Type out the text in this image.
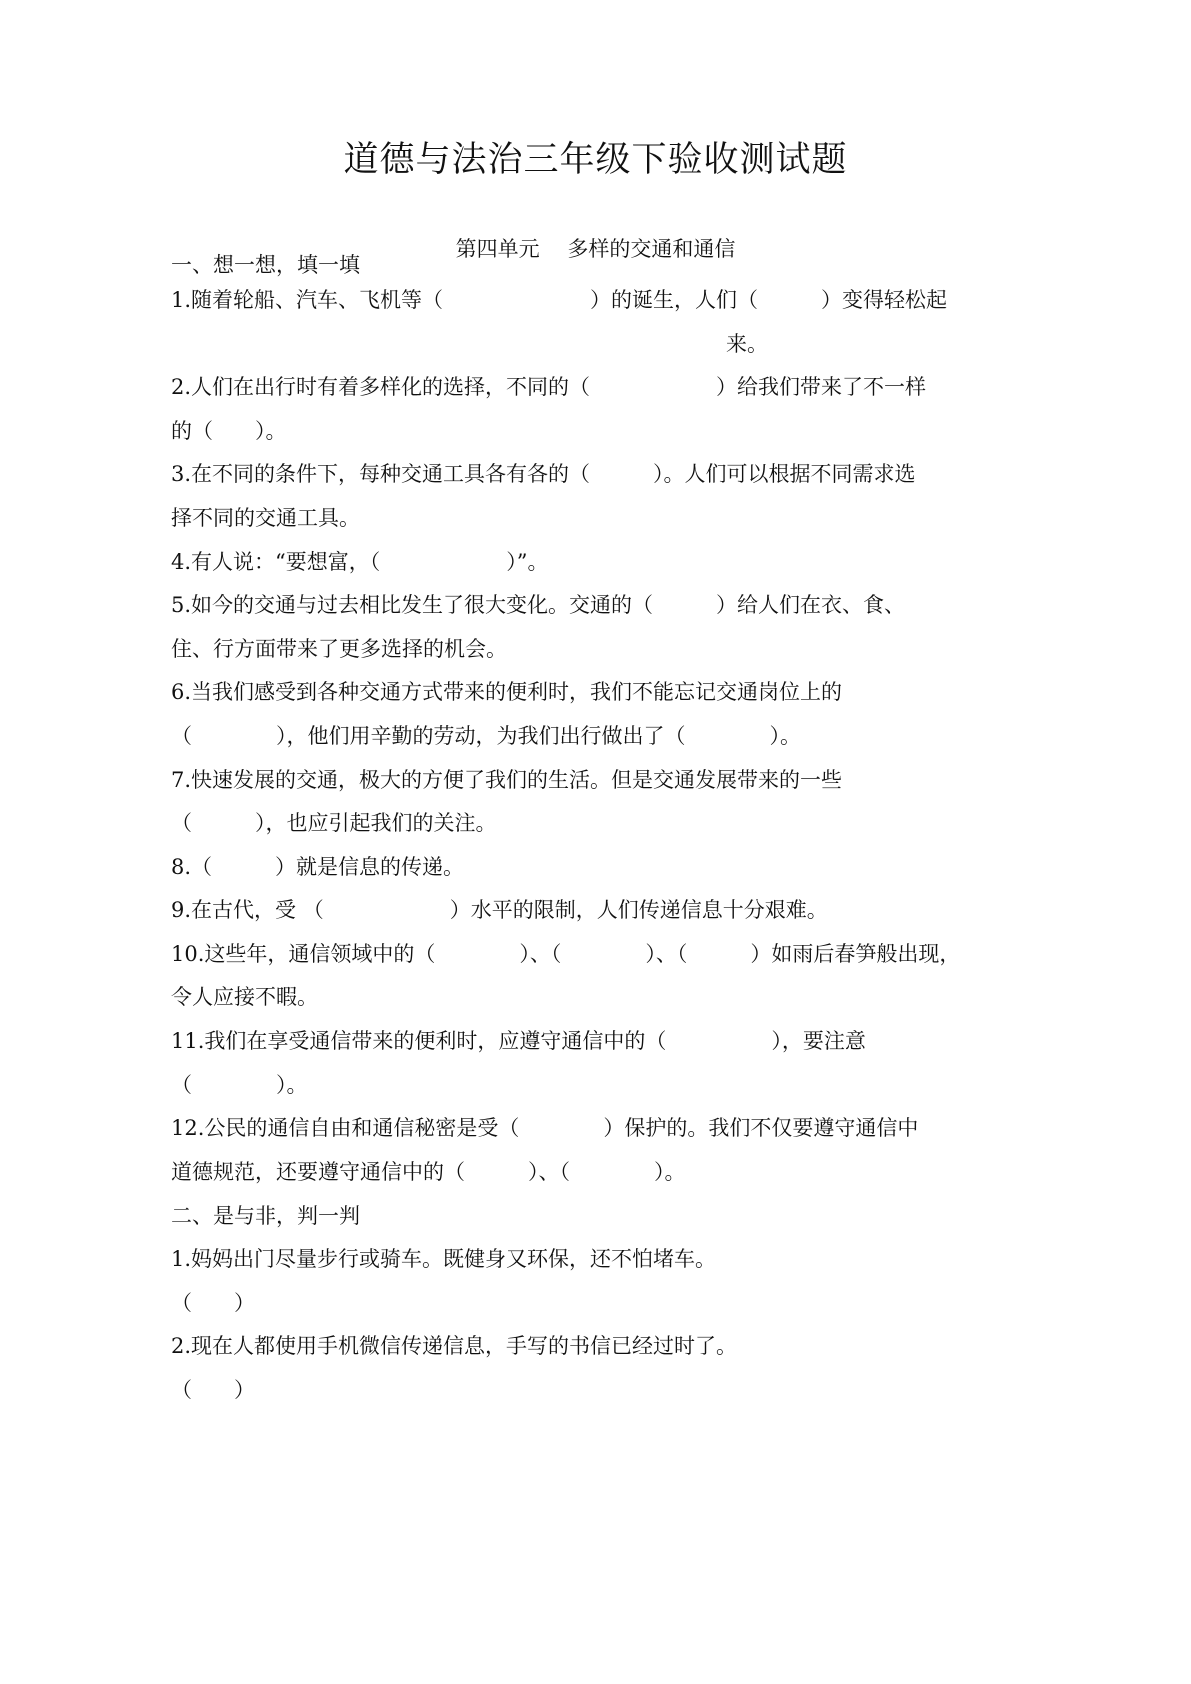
道德与法治三年级下验收测试题
第四单元　 多样的交通和通信
一、想一想，填一填
1.随着轮船、汽车、飞机等（　　　　　　　）的诞生，人们（　　　）变得轻松起
来。
2.人们在出行时有着多样化的选择，不同的（　　　　　　）给我们带来了不一样
的（　　）。
3.在不同的条件下，每种交通工具各有各的（　　　）。人们可以根据不同需求选
择不同的交通工具。
4.有人说：“要想富，（　　　　　　）”。
5.如今的交通与过去相比发生了很大变化。交通的（　　　）给人们在衣、食、
住、行方面带来了更多选择的机会。
6.当我们感受到各种交通方式带来的便利时，我们不能忘记交通岗位上的
（　　　　），他们用辛勤的劳动，为我们出行做出了（　　　　）。
7.快速发展的交通，极大的方便了我们的生活。但是交通发展带来的一些
（　　　），也应引起我们的关注。
8.（　　　）就是信息的传递。
9.在古代，受 （　　　　　　）水平的限制，人们传递信息十分艰难。
10.这些年，通信领域中的（　　　　）、（　　　　）、（　　　）如雨后春笋般出现，
令人应接不暇。
11.我们在享受通信带来的便利时，应遵守通信中的（　　　　　），要注意
（　　　　）。
12.公民的通信自由和通信秘密是受（　　　　）保护的。我们不仅要遵守通信中
道德规范，还要遵守通信中的（　　　）、（　　　　）。
二、是与非，判一判
1.妈妈出门尽量步行或骑车。既健身又环保，还不怕堵车。
（　　）
2.现在人都使用手机微信传递信息，手写的书信已经过时了。
（　　）
